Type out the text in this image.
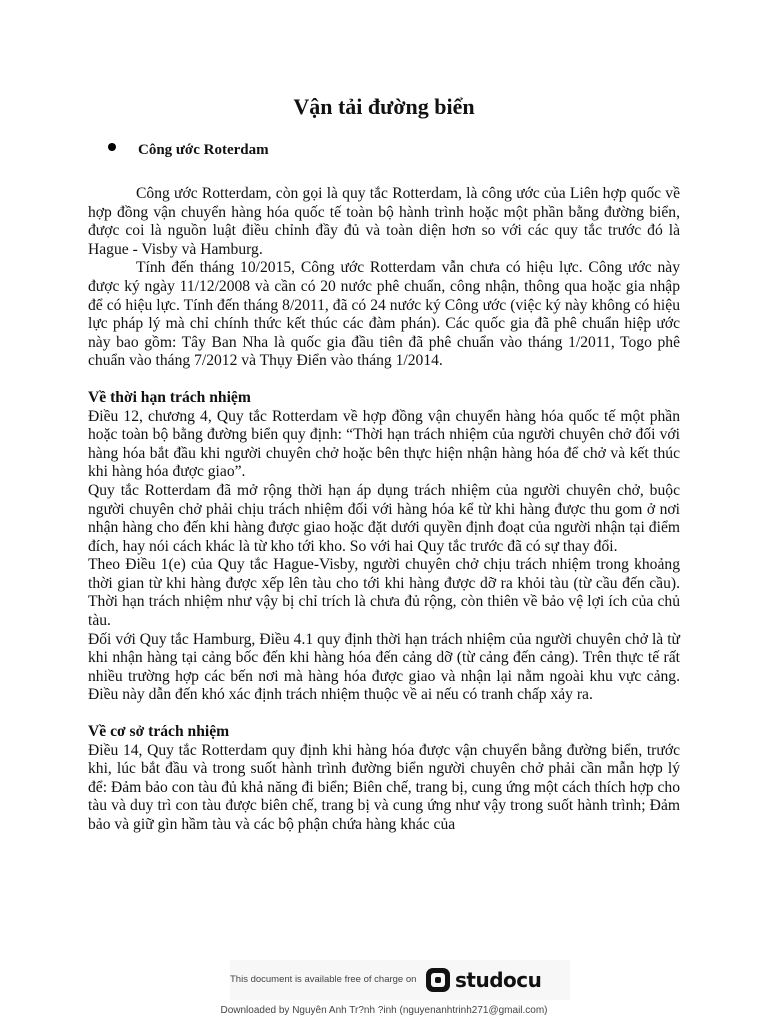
Vận tải đường biển
Công ước Roterdam

Công ước Rotterdam, còn gọi là quy tắc Rotterdam, là công ước của Liên hợp quốc về hợp đồng vận chuyển hàng hóa quốc tế toàn bộ hành trình hoặc một phần bằng đường biển, được coi là nguồn luật điều chỉnh đầy đủ và toàn diện hơn so với các quy tắc trước đó là Hague - Visby và Hamburg.

Tính đến tháng 10/2015, Công ước Rotterdam vẫn chưa có hiệu lực. Công ước này được ký ngày 11/12/2008 và cần có 20 nước phê chuẩn, công nhận, thông qua hoặc gia nhập để có hiệu lực. Tính đến tháng 8/2011, đã có 24 nước ký Công ước (việc ký này không có hiệu lực pháp lý mà chỉ chính thức kết thúc các đàm phán). Các quốc gia đã phê chuẩn hiệp ước này bao gồm: Tây Ban Nha là quốc gia đầu tiên đã phê chuẩn vào tháng 1/2011, Togo phê chuẩn vào tháng 7/2012 và Thụy Điển vào tháng 1/2014.

Về thời hạn trách nhiệm

Điều 12, chương 4, Quy tắc Rotterdam về hợp đồng vận chuyển hàng hóa quốc tế một phần hoặc toàn bộ bằng đường biển quy định: “Thời hạn trách nhiệm của người chuyên chở đối với hàng hóa bắt đầu khi người chuyên chở hoặc bên thực hiện nhận hàng hóa để chở và kết thúc khi hàng hóa được giao”.

Quy tắc Rotterdam đã mở rộng thời hạn áp dụng trách nhiệm của người chuyên chở, buộc người chuyên chở phải chịu trách nhiệm đối với hàng hóa kể từ khi hàng được thu gom ở nơi nhận hàng cho đến khi hàng được giao hoặc đặt dưới quyền định đoạt của người nhận tại điểm đích, hay nói cách khác là từ kho tới kho. So với hai Quy tắc trước đã có sự thay đổi.

Theo Điều 1(e) của Quy tắc Hague-Visby, người chuyên chở chịu trách nhiệm trong khoảng thời gian từ khi hàng được xếp lên tàu cho tới khi hàng được dỡ ra khỏi tàu (từ cầu đến cầu). Thời hạn trách nhiệm như vậy bị chỉ trích là chưa đủ rộng, còn thiên về bảo vệ lợi ích của chủ tàu.

Đối với Quy tắc Hamburg, Điều 4.1 quy định thời hạn trách nhiệm của người chuyên chở là từ khi nhận hàng tại cảng bốc đến khi hàng hóa đến cảng dỡ (từ cảng đến cảng). Trên thực tế rất nhiều trường hợp các bến nơi mà hàng hóa được giao và nhận lại nằm ngoài khu vực cảng. Điều này dẫn đến khó xác định trách nhiệm thuộc về ai nếu có tranh chấp xảy ra.

Về cơ sở trách nhiệm

Điều 14, Quy tắc Rotterdam quy định khi hàng hóa được vận chuyển bằng đường biển, trước khi, lúc bắt đầu và trong suốt hành trình đường biển người chuyên chở phải cần mẫn hợp lý để: Đảm bảo con tàu đủ khả năng đi biển; Biên chế, trang bị, cung ứng một cách thích hợp cho tàu và duy trì con tàu được biên chế, trang bị và cung ứng như vậy trong suốt hành trình; Đảm bảo và giữ gìn hầm tàu và các bộ phận chứa hàng khác của

This document is available free of charge on studocu
Downloaded by Nguyên Anh Tr?nh ?inh (nguyenanhtrinh271@gmail.com)
